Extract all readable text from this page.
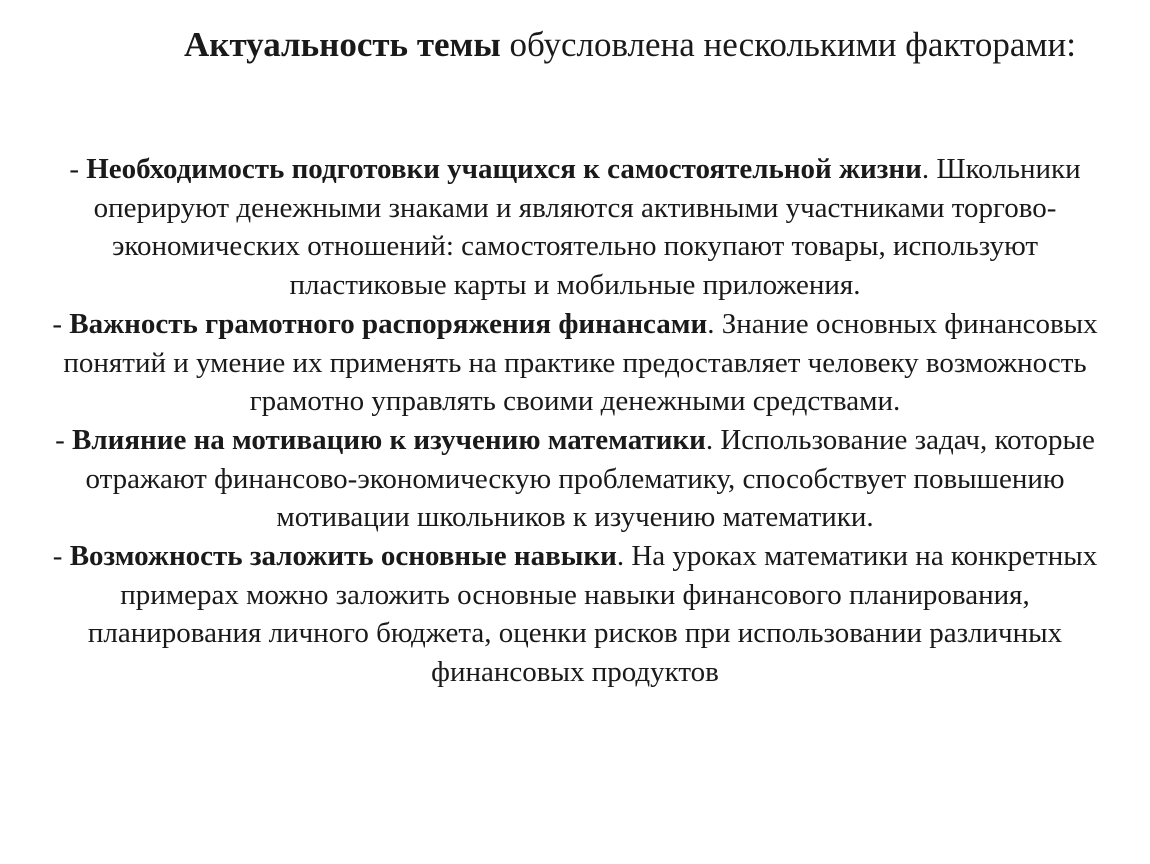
Актуальность темы обусловлена несколькими факторами:

- Необходимость подготовки учащихся к самостоятельной жизни. Школьники оперируют денежными знаками и являются активными участниками торгово-экономических отношений: самостоятельно покупают товары, используют пластиковые карты и мобильные приложения.

- Важность грамотного распоряжения финансами. Знание основных финансовых понятий и умение их применять на практике предоставляет человеку возможность грамотно управлять своими денежными средствами.

- Влияние на мотивацию к изучению математики. Использование задач, которые отражают финансово-экономическую проблематику, способствует повышению мотивации школьников к изучению математики.

- Возможность заложить основные навыки. На уроках математики на конкретных примерах можно заложить основные навыки финансового планирования, планирования личного бюджета, оценки рисков при использовании различных финансовых продуктов
